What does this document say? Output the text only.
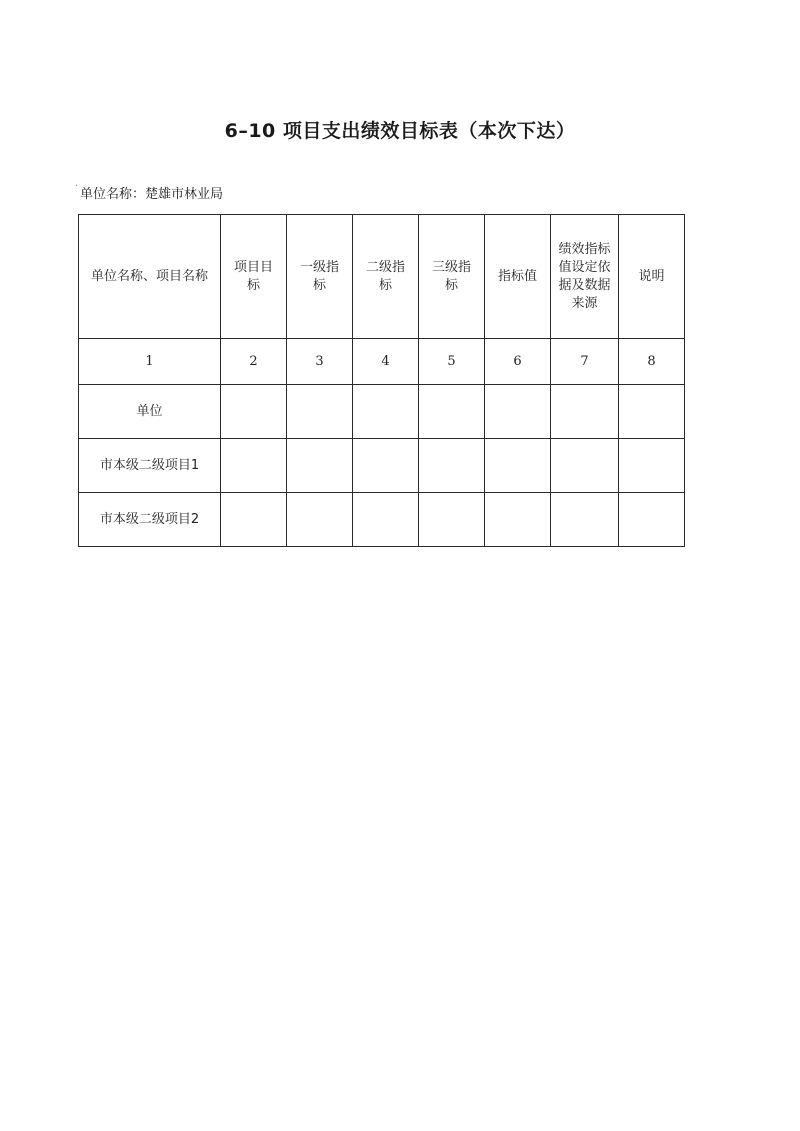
6–10 项目支出绩效目标表（本次下达）
·
单位名称：楚雄市林业局
单位名称、项目名称	项目目标	一级指标	二级指标	三级指标	指标值	绩效指标值设定依据及数据来源	说明
1	2	3	4	5	6	7	8
单位							
市本级二级项目1							
市本级二级项目2							
